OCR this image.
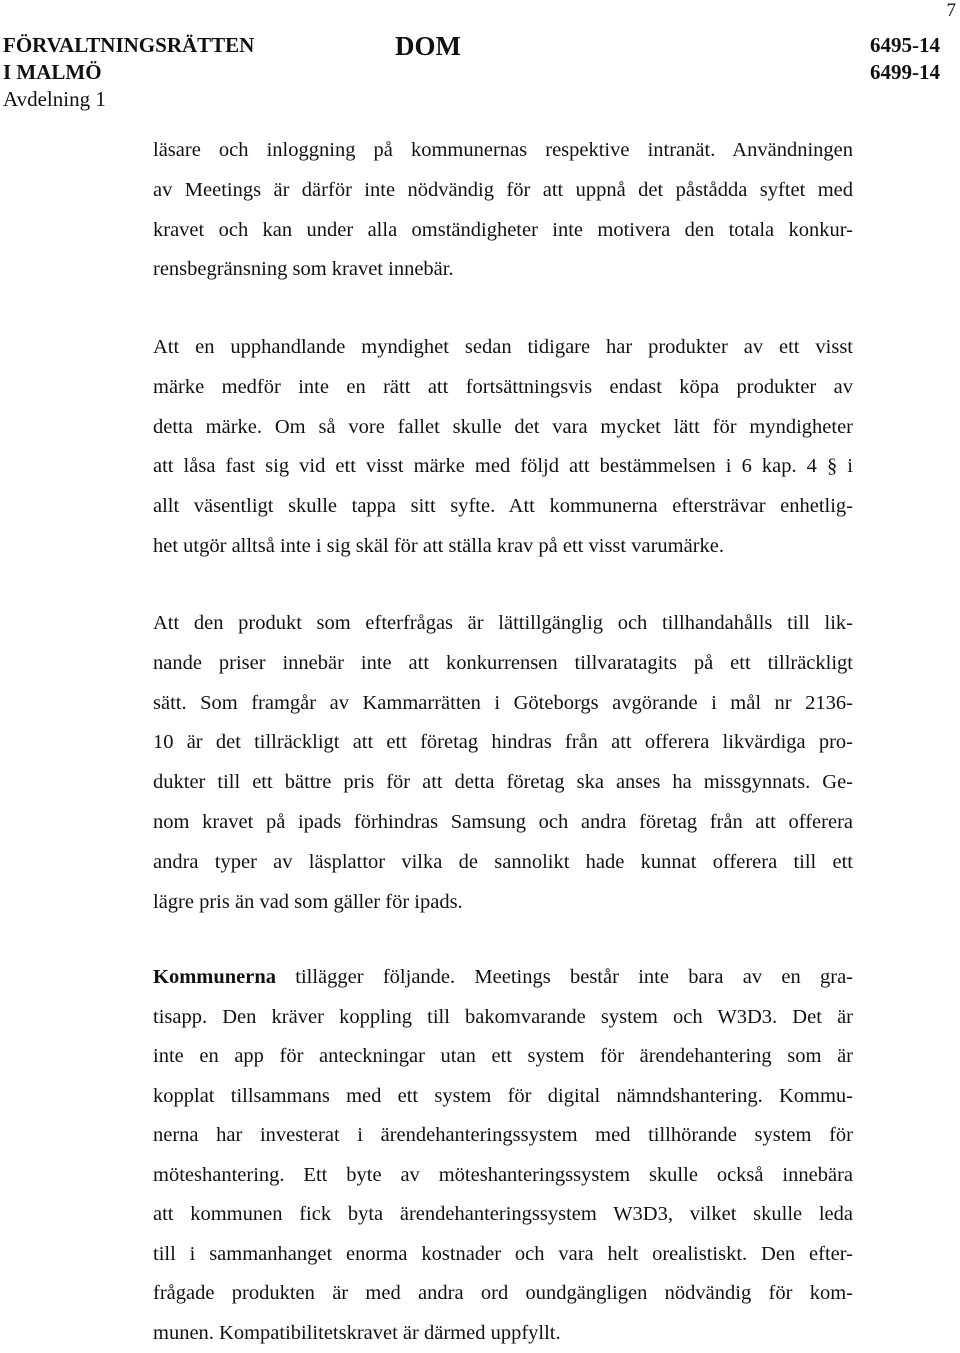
7
FÖRVALTNINGSRÄTTEN
I MALMÖ
Avdelning 1
DOM	6495-14
6499-14
läsare och inloggning på kommunernas respektive intranät. Användningen
av Meetings är därför inte nödvändig för att uppnå det påstådda syftet med
kravet och kan under alla omständigheter inte motivera den totala konkur-
rensbegränsning som kravet innebär.
Att en upphandlande myndighet sedan tidigare har produkter av ett visst
märke medför inte en rätt att fortsättningsvis endast köpa produkter av
detta märke. Om så vore fallet skulle det vara mycket lätt för myndigheter
att låsa fast sig vid ett visst märke med följd att bestämmelsen i 6 kap. 4 § i
allt väsentligt skulle tappa sitt syfte. Att kommunerna eftersträvar enhetlig-
het utgör alltså inte i sig skäl för att ställa krav på ett visst varumärke.
Att den produkt som efterfrågas är lättillgänglig och tillhandahålls till lik-
nande priser innebär inte att konkurrensen tillvaratagits på ett tillräckligt
sätt. Som framgår av Kammarrätten i Göteborgs avgörande i mål nr 2136-
10 är det tillräckligt att ett företag hindras från att offerera likvärdiga pro-
dukter till ett bättre pris för att detta företag ska anses ha missgynnats. Ge-
nom kravet på ipads förhindras Samsung och andra företag från att offerera
andra typer av läsplattor vilka de sannolikt hade kunnat offerera till ett
lägre pris än vad som gäller för ipads.
Kommunerna tillägger följande. Meetings består inte bara av en gra-
tisapp. Den kräver koppling till bakomvarande system och W3D3. Det är
inte en app för anteckningar utan ett system för ärendehantering som är
kopplat tillsammans med ett system för digital nämndshantering. Kommu-
nerna har investerat i ärendehanteringssystem med tillhörande system för
möteshantering. Ett byte av möteshanteringssystem skulle också innebära
att kommunen fick byta ärendehanteringssystem W3D3, vilket skulle leda
till i sammanhanget enorma kostnader och vara helt orealistiskt. Den efter-
frågade produkten är med andra ord oundgängligen nödvändig för kom-
munen. Kompatibilitetskravet är därmed uppfyllt.
